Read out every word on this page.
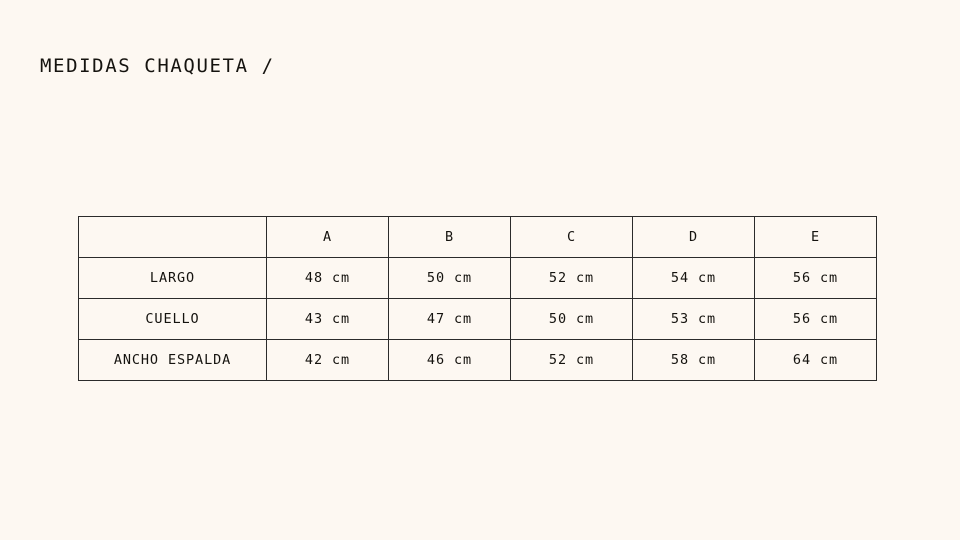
MEDIDAS CHAQUETA /
	A	B	C	D	E
LARGO	48 cm	50 cm	52 cm	54 cm	56 cm
CUELLO	43 cm	47 cm	50 cm	53 cm	56 cm
ANCHO ESPALDA	42 cm	46 cm	52 cm	58 cm	64 cm
